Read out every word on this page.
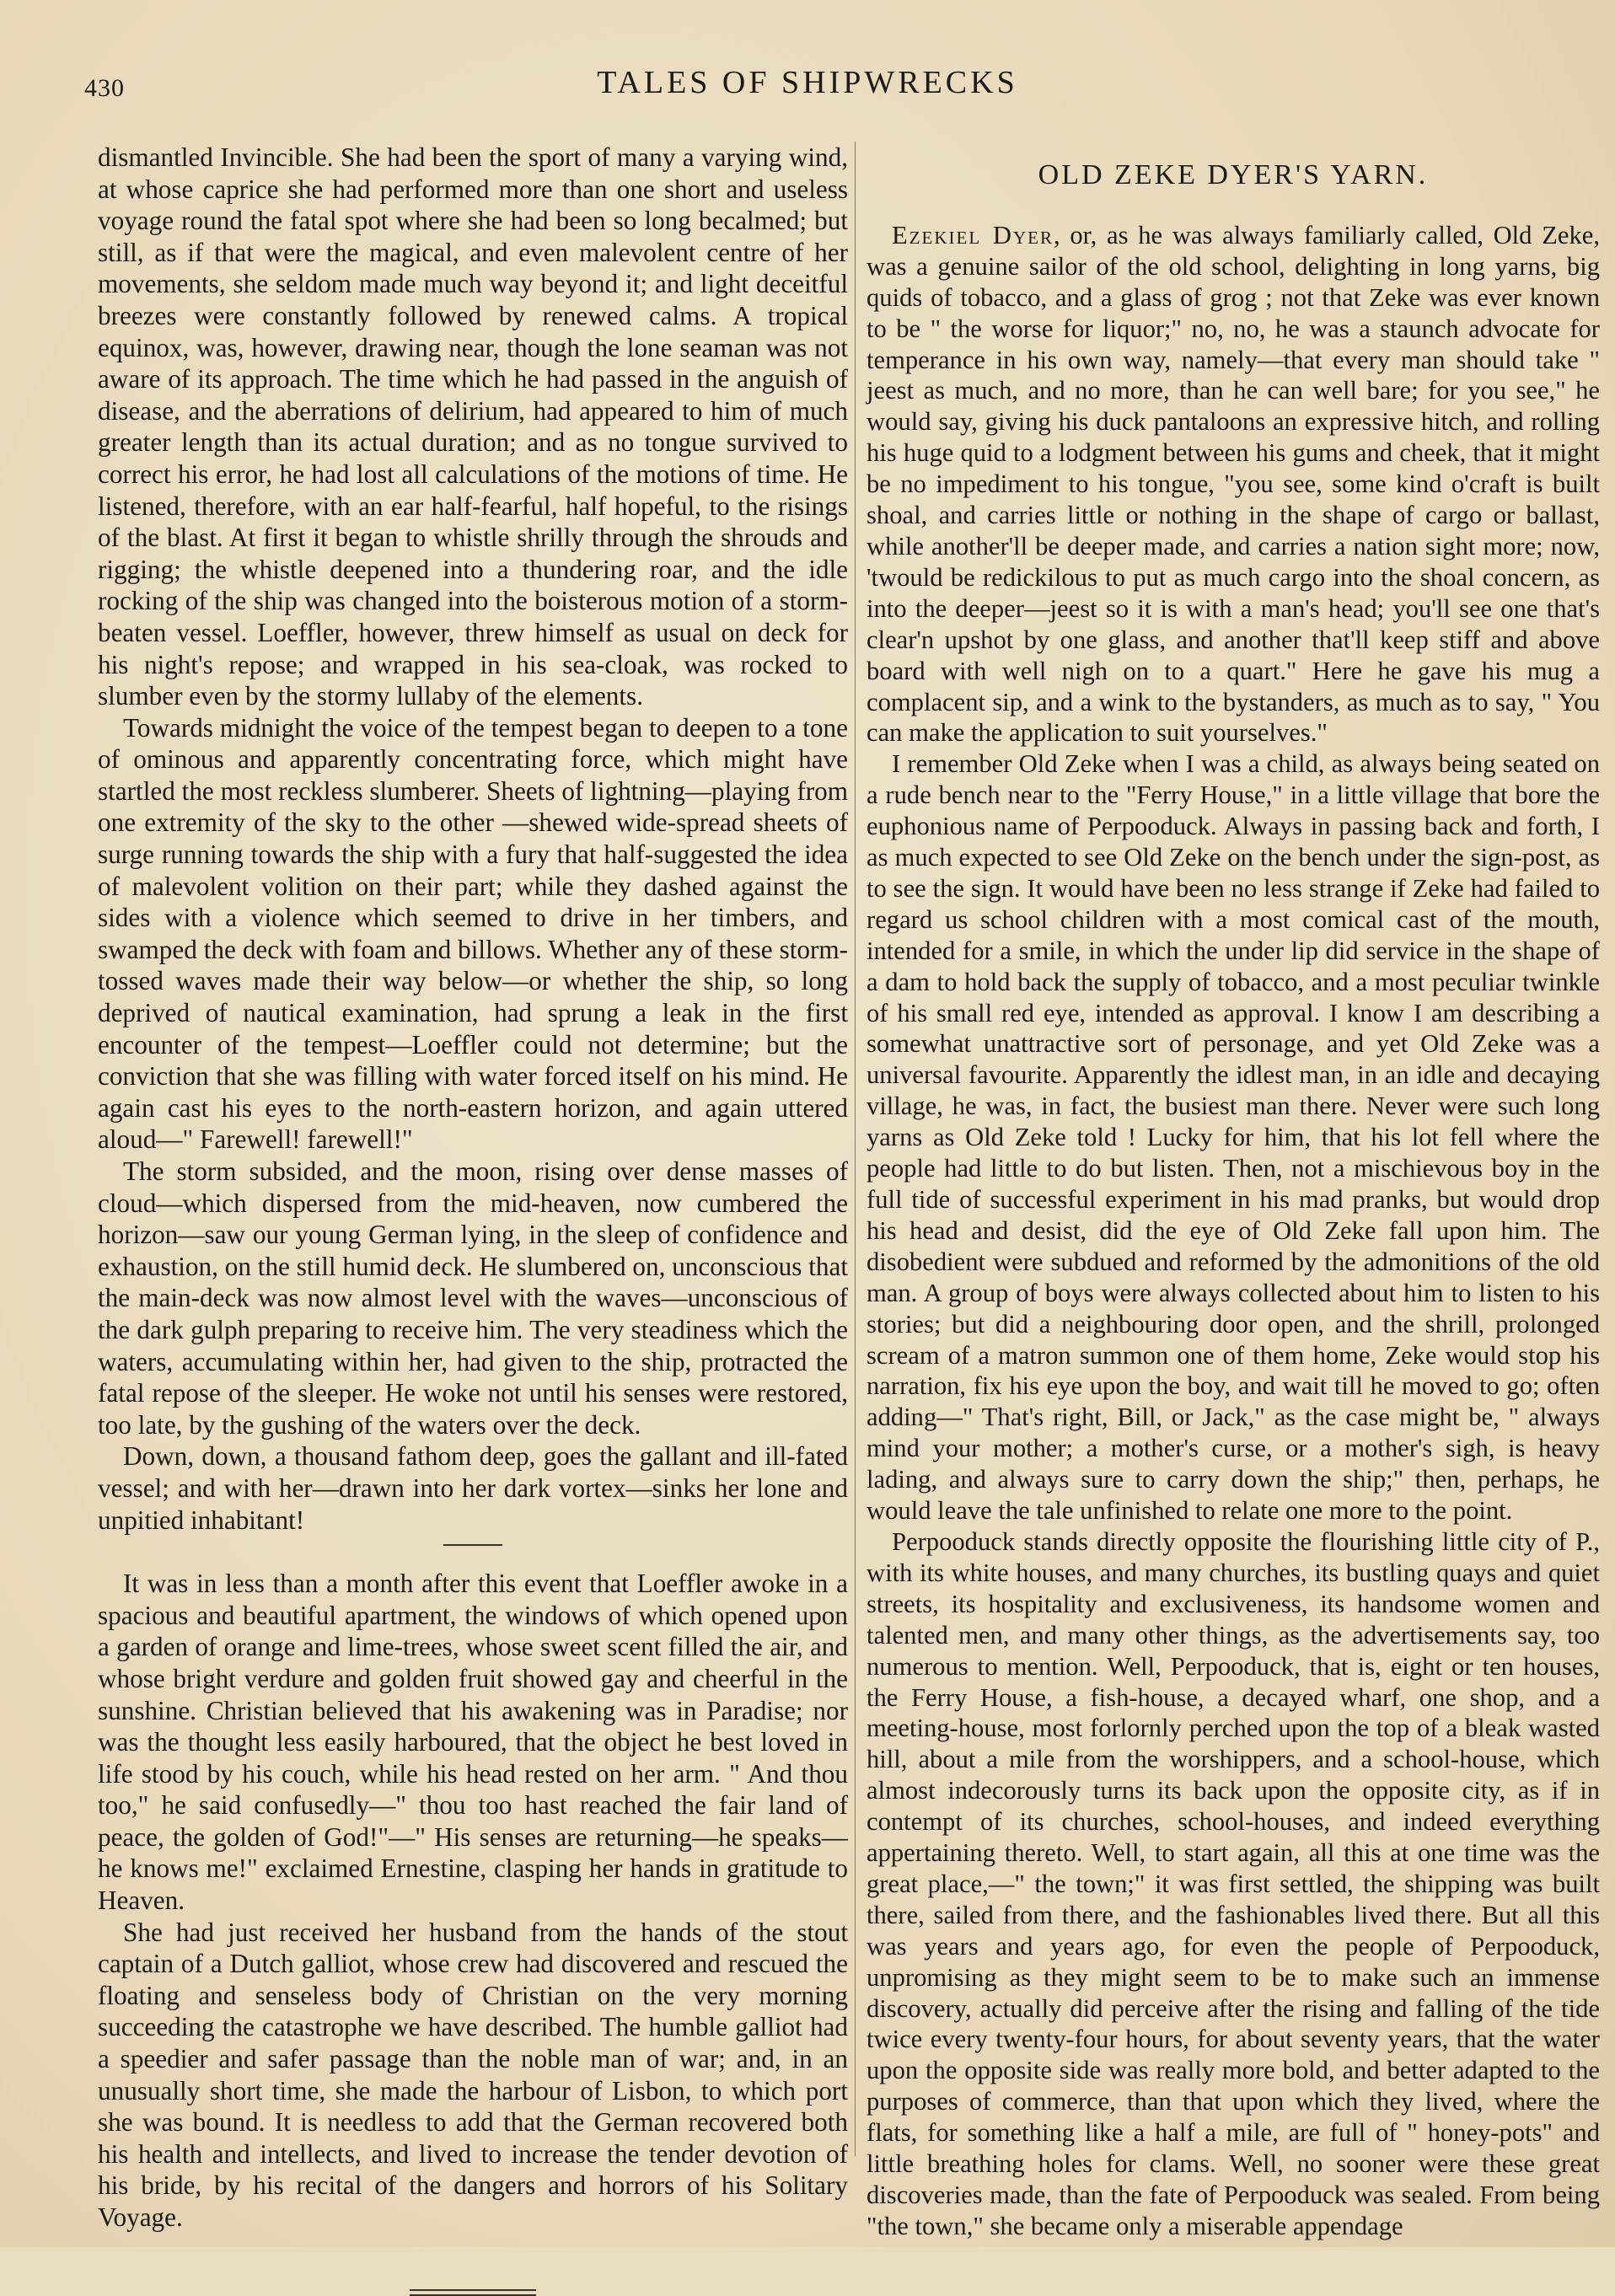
430	TALES OF SHIPWRECKS

dismantled Invincible. She had been the sport of many a varying wind, at whose caprice she had performed more than one short and useless voyage round the fatal spot where she had been so long becalmed; but still, as if that were the magical, and even malevolent centre of her movements, she seldom made much way beyond it; and light deceitful breezes were constantly followed by renewed calms. A tropical equinox, was, however, drawing near, though the lone seaman was not aware of its approach. The time which he had passed in the anguish of disease, and the aberrations of delirium, had appeared to him of much greater length than its actual duration; and as no tongue survived to correct his error, he had lost all calculations of the motions of time. He listened, therefore, with an ear half-fearful, half hopeful, to the risings of the blast. At first it began to whistle shrilly through the shrouds and rigging; the whistle deepened into a thundering roar, and the idle rocking of the ship was changed into the boisterous motion of a storm-beaten vessel. Loeffler, however, threw himself as usual on deck for his night's repose; and wrapped in his sea-cloak, was rocked to slumber even by the stormy lullaby of the elements.

Towards midnight the voice of the tempest began to deepen to a tone of ominous and apparently concentrating force, which might have startled the most reckless slumberer. Sheets of lightning—playing from one extremity of the sky to the other —shewed wide-spread sheets of surge running towards the ship with a fury that half-suggested the idea of malevolent volition on their part; while they dashed against the sides with a violence which seemed to drive in her timbers, and swamped the deck with foam and billows. Whether any of these storm-tossed waves made their way below—or whether the ship, so long deprived of nautical examination, had sprung a leak in the first encounter of the tempest—Loeffler could not determine; but the conviction that she was filling with water forced itself on his mind. He again cast his eyes to the north-eastern horizon, and again uttered aloud—" Farewell! farewell!"

The storm subsided, and the moon, rising over dense masses of cloud—which dispersed from the mid-heaven, now cumbered the horizon—saw our young German lying, in the sleep of confidence and exhaustion, on the still humid deck. He slumbered on, unconscious that the main-deck was now almost level with the waves—unconscious of the dark gulph preparing to receive him. The very steadiness which the waters, accumulating within her, had given to the ship, protracted the fatal repose of the sleeper. He woke not until his senses were restored, too late, by the gushing of the waters over the deck.

Down, down, a thousand fathom deep, goes the gallant and ill-fated vessel; and with her—drawn into her dark vortex—sinks her lone and unpitied inhabitant!

It was in less than a month after this event that Loeffler awoke in a spacious and beautiful apartment, the windows of which opened upon a garden of orange and lime-trees, whose sweet scent filled the air, and whose bright verdure and golden fruit showed gay and cheerful in the sunshine. Christian believed that his awakening was in Paradise; nor was the thought less easily harboured, that the object he best loved in life stood by his couch, while his head rested on her arm. " And thou too," he said confusedly—" thou too hast reached the fair land of peace, the golden of God!"—" His senses are returning—he speaks—he knows me!" exclaimed Ernestine, clasping her hands in gratitude to Heaven.

She had just received her husband from the hands of the stout captain of a Dutch galliot, whose crew had discovered and rescued the floating and senseless body of Christian on the very morning succeeding the catastrophe we have described. The humble galliot had a speedier and safer passage than the noble man of war; and, in an unusually short time, she made the harbour of Lisbon, to which port she was bound. It is needless to add that the German recovered both his health and intellects, and lived to increase the tender devotion of his bride, by his recital of the dangers and horrors of his Solitary Voyage.

OLD ZEKE DYER'S YARN.

Ezekiel Dyer, or, as he was always familiarly called, Old Zeke, was a genuine sailor of the old school, delighting in long yarns, big quids of tobacco, and a glass of grog ; not that Zeke was ever known to be " the worse for liquor;" no, no, he was a staunch advocate for temperance in his own way, namely—that every man should take " jeest as much, and no more, than he can well bare; for you see," he would say, giving his duck pantaloons an expressive hitch, and rolling his huge quid to a lodgment between his gums and cheek, that it might be no impediment to his tongue, "you see, some kind o'craft is built shoal, and carries little or nothing in the shape of cargo or ballast, while another'll be deeper made, and carries a nation sight more; now, 'twould be redickilous to put as much cargo into the shoal concern, as into the deeper—jeest so it is with a man's head; you'll see one that's clear'n upshot by one glass, and another that'll keep stiff and above board with well nigh on to a quart." Here he gave his mug a complacent sip, and a wink to the bystanders, as much as to say, " You can make the application to suit yourselves."

I remember Old Zeke when I was a child, as always being seated on a rude bench near to the "Ferry House," in a little village that bore the euphonious name of Perpooduck. Always in passing back and forth, I as much expected to see Old Zeke on the bench under the sign-post, as to see the sign. It would have been no less strange if Zeke had failed to regard us school children with a most comical cast of the mouth, intended for a smile, in which the under lip did service in the shape of a dam to hold back the supply of tobacco, and a most peculiar twinkle of his small red eye, intended as approval. I know I am describing a somewhat unattractive sort of personage, and yet Old Zeke was a universal favourite. Apparently the idlest man, in an idle and decaying village, he was, in fact, the busiest man there. Never were such long yarns as Old Zeke told ! Lucky for him, that his lot fell where the people had little to do but listen. Then, not a mischievous boy in the full tide of successful experiment in his mad pranks, but would drop his head and desist, did the eye of Old Zeke fall upon him. The disobedient were subdued and reformed by the admonitions of the old man. A group of boys were always collected about him to listen to his stories; but did a neighbouring door open, and the shrill, prolonged scream of a matron summon one of them home, Zeke would stop his narration, fix his eye upon the boy, and wait till he moved to go; often adding—" That's right, Bill, or Jack," as the case might be, " always mind your mother; a mother's curse, or a mother's sigh, is heavy lading, and always sure to carry down the ship;" then, perhaps, he would leave the tale unfinished to relate one more to the point.

Perpooduck stands directly opposite the flourishing little city of P., with its white houses, and many churches, its bustling quays and quiet streets, its hospitality and exclusiveness, its handsome women and talented men, and many other things, as the advertisements say, too numerous to mention. Well, Perpooduck, that is, eight or ten houses, the Ferry House, a fish-house, a decayed wharf, one shop, and a meeting-house, most forlornly perched upon the top of a bleak wasted hill, about a mile from the worshippers, and a school-house, which almost indecorously turns its back upon the opposite city, as if in contempt of its churches, school-houses, and indeed everything appertaining thereto. Well, to start again, all this at one time was the great place,—" the town;" it was first settled, the shipping was built there, sailed from there, and the fashionables lived there. But all this was years and years ago, for even the people of Perpooduck, unpromising as they might seem to be to make such an immense discovery, actually did perceive after the rising and falling of the tide twice every twenty-four hours, for about seventy years, that the water upon the opposite side was really more bold, and better adapted to the purposes of commerce, than that upon which they lived, where the flats, for something like a half a mile, are full of " honey-pots" and little breathing holes for clams. Well, no sooner were these great discoveries made, than the fate of Perpooduck was sealed. From being "the town," she became only a miserable appendage
